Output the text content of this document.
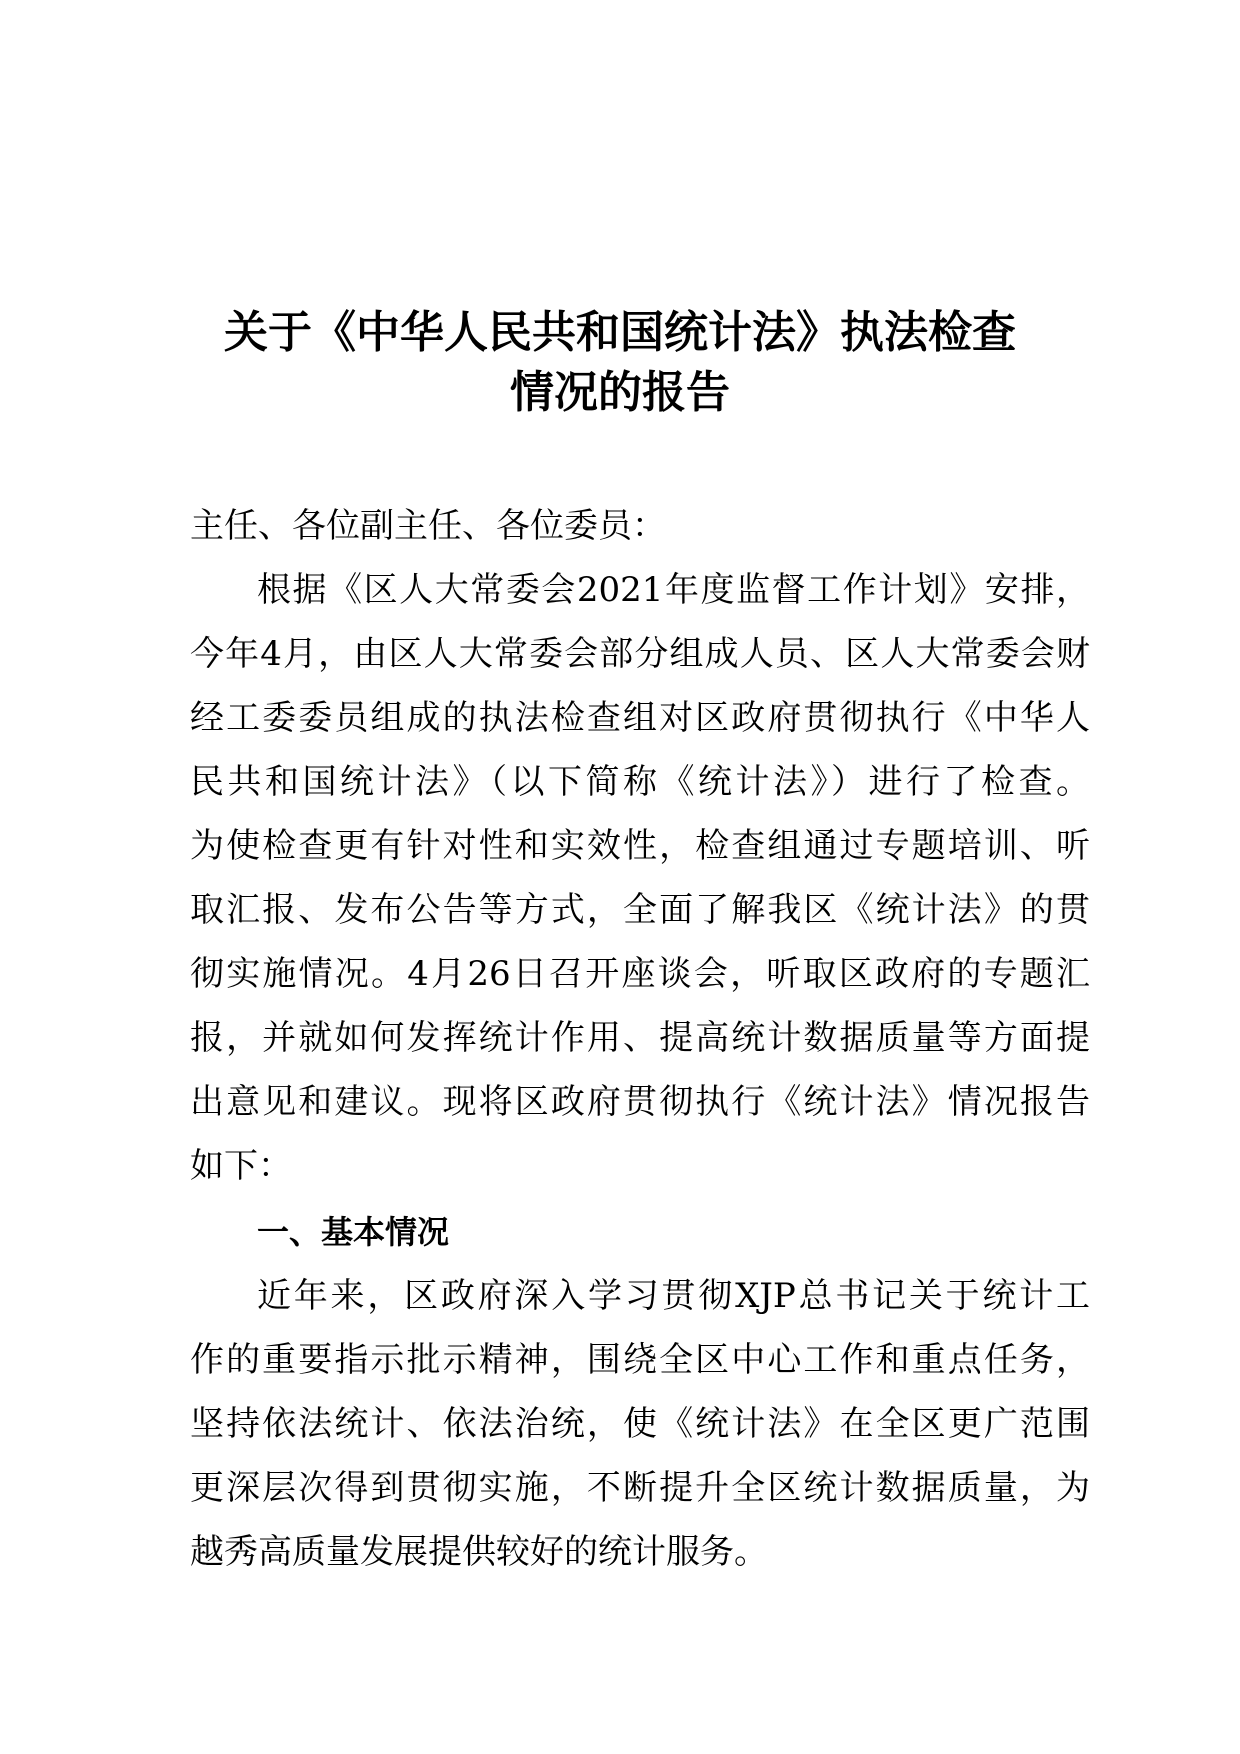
关于《中华人民共和国统计法》执法检查
情况的报告
主任、各位副主任、各位委员：
根据《区人大常委会2021年度监督工作计划》安排，
今年4月，由区人大常委会部分组成人员、区人大常委会财
经工委委员组成的执法检查组对区政府贯彻执行《中华人
民共和国统计法》（以下简称《统计法》）进行了检查。
为使检查更有针对性和实效性，检查组通过专题培训、听
取汇报、发布公告等方式，全面了解我区《统计法》的贯
彻实施情况。4月26日召开座谈会，听取区政府的专题汇
报，并就如何发挥统计作用、提高统计数据质量等方面提
出意见和建议。现将区政府贯彻执行《统计法》情况报告
如下：
一、基本情况
近年来，区政府深入学习贯彻XJP总书记关于统计工
作的重要指示批示精神，围绕全区中心工作和重点任务，
坚持依法统计、依法治统，使《统计法》在全区更广范围
更深层次得到贯彻实施，不断提升全区统计数据质量，为
越秀高质量发展提供较好的统计服务。
